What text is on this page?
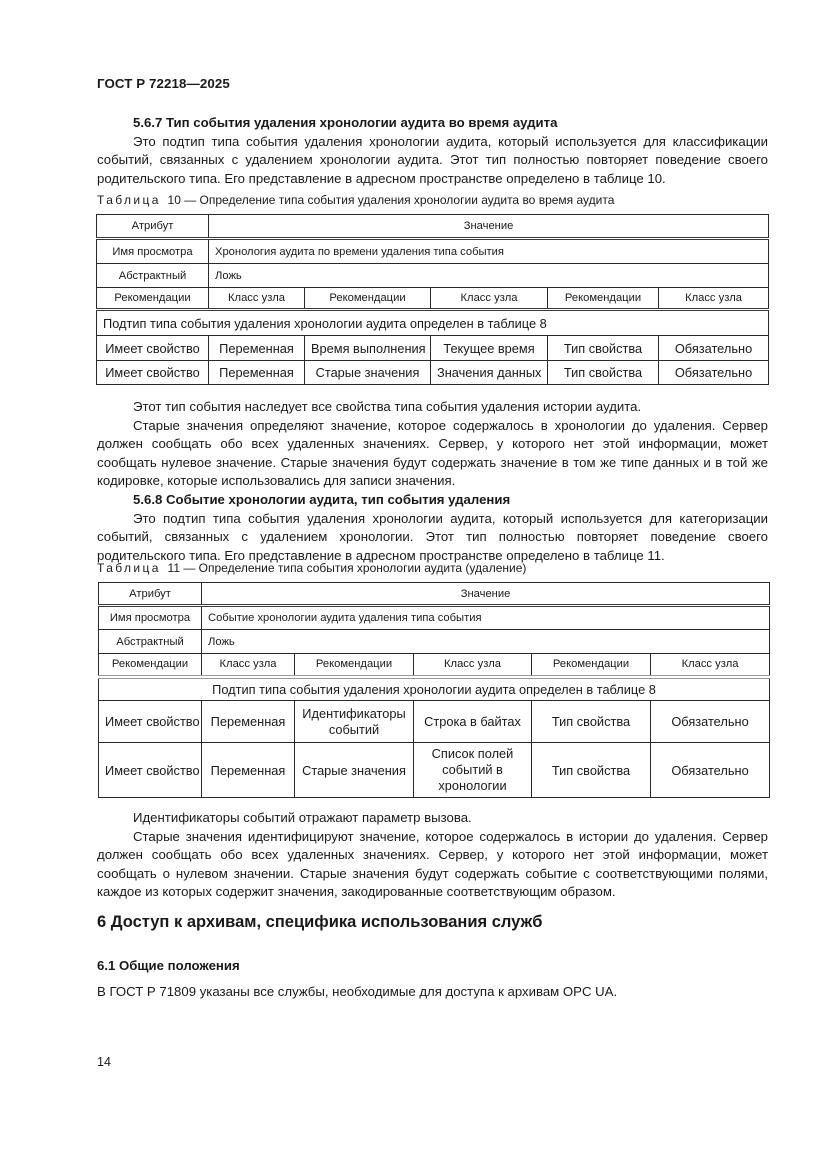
ГОСТ Р 72218—2025

5.6.7 Тип события удаления хронологии аудита во время аудита

Это подтип типа события удаления хронологии аудита, который используется для классификации событий, связанных с удалением хронологии аудита. Этот тип полностью повторяет поведение своего родительского типа. Его представление в адресном пространстве определено в таблице 10.

Таблица 10 — Определение типа события удаления хронологии аудита во время аудита
Атрибут	Значение				
Имя просмотра	Хронология аудита по времени удаления типа события				
Абстрактный	Ложь				
Рекомендации	Класс узла	Рекомендации	Класс узла	Рекомендации	Класс узла
Подтип типа события удаления хронологии аудита определен в таблице 8					
Имеет свойство	Переменная	Время выполнения	Текущее время	Тип свойства	Обязательно
Имеет свойство	Переменная	Старые значения	Значения данных	Тип свойства	Обязательно

Этот тип события наследует все свойства типа события удаления истории аудита.

Старые значения определяют значение, которое содержалось в хронологии до удаления. Сервер должен сообщать обо всех удаленных значениях. Сервер, у которого нет этой информации, может сообщать нулевое значение. Старые значения будут содержать значение в том же типе данных и в той же кодировке, которые использовались для записи значения.

5.6.8 Событие хронологии аудита, тип события удаления

Это подтип типа события удаления хронологии аудита, который используется для категоризации событий, связанных с удалением хронологии. Этот тип полностью повторяет поведение своего родительского типа. Его представление в адресном пространстве определено в таблице 11.

Таблица 11 — Определение типа события хронологии аудита (удаление)
Атрибут	Значение				
Имя просмотра	Событие хронологии аудита удаления типа события				
Абстрактный	Ложь				
Рекомендации	Класс узла	Рекомендации	Класс узла	Рекомендации	Класс узла
Подтип типа события удаления хронологии аудита определен в таблице 8					
Имеет свойство	Переменная	Идентификаторы событий	Строка в байтах	Тип свойства	Обязательно
Имеет свойство	Переменная	Старые значения	Список полей событий в хронологии	Тип свойства	Обязательно

Идентификаторы событий отражают параметр вызова.

Старые значения идентифицируют значение, которое содержалось в истории до удаления. Сервер должен сообщать обо всех удаленных значениях. Сервер, у которого нет этой информации, может сообщать о нулевом значении. Старые значения будут содержать событие с соответствующими полями, каждое из которых содержит значения, закодированные соответствующим образом.

6 Доступ к архивам, специфика использования служб
6.1 Общие положения
В ГОСТ Р 71809 указаны все службы, необходимые для доступа к архивам OPC UA.
14
